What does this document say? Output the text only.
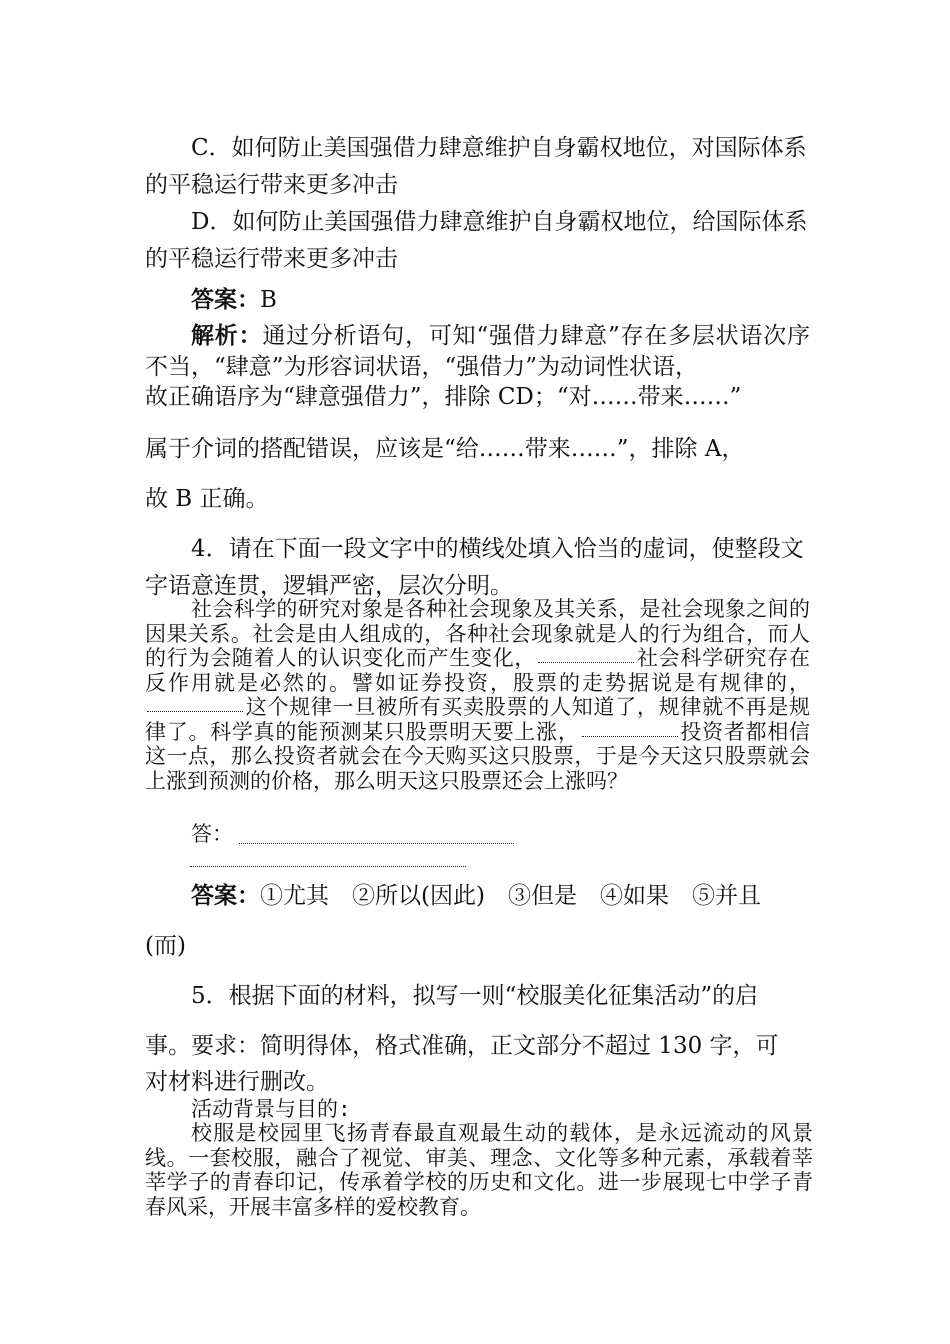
C．如何防止美国强借力肆意维护自身霸权地位，对国际体系的平稳运行带来更多冲击

D．如何防止美国强借力肆意维护自身霸权地位，给国际体系的平稳运行带来更多冲击

答案：B

解析：通过分析语句，可知“强借力肆意”存在多层状语次序不当，“肆意”为形容词状语，“强借力”为动词性状语，

故正确语序为“肆意强借力”，排除 CD；“对……带来……”

属于介词的搭配错误，应该是“给……带来……”，排除 A，

故 B 正确。

4．请在下面一段文字中的横线处填入恰当的虚词，使整段文字语意连贯，逻辑严密，层次分明。

社会科学的研究对象是各种社会现象及其关系，是社会现象之间的因果关系。社会是由人组成的，各种社会现象就是人的行为组合，而人的行为会随着人的认识变化而产生变化，	社会科学研究存在反作用就是必然的。譬如证券投资，股票的走势据说是有规律的，这个规律一旦被所有买卖股票的人知道了，规律就不再是规律了。科学真的能预测某只股票明天要上涨，	投资者都相信这一点，那么投资者就会在今天购买这只股票，于是今天这只股票就会上涨到预测的价格，那么明天这只股票还会上涨吗？

答：

答案：①尤其　②所以(因此)　③但是　④如果　⑤并且

(而)

5．根据下面的材料，拟写一则“校服美化征集活动”的启

事。要求：简明得体，格式准确，正文部分不超过 130 字，可

对材料进行删改。

活动背景与目的:

校服是校园里飞扬青春最直观最生动的载体，是永远流动的风景线。一套校服，融合了视觉、审美、理念、文化等多种元素，承载着莘莘学子的青春印记，传承着学校的历史和文化。进一步展现七中学子青春风采，开展丰富多样的爱校教育。
